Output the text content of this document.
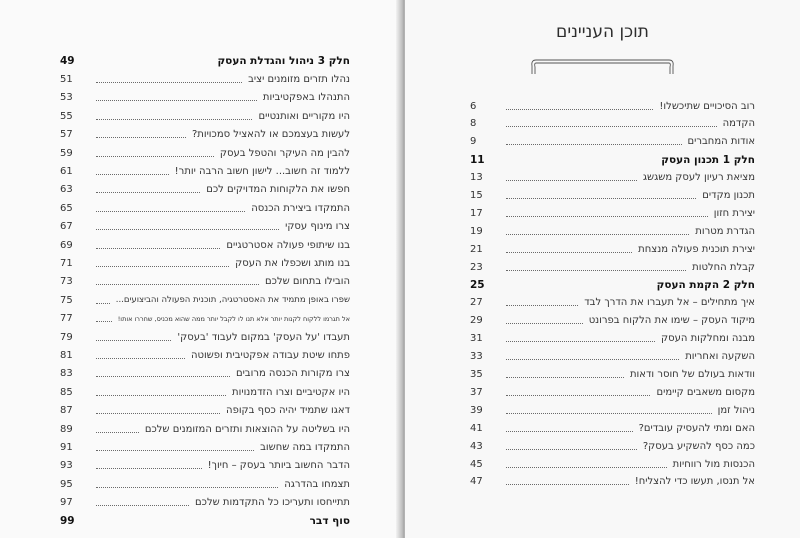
49	חלק 3 ניהול והגדלת העסק
51	נהלו תזרים מזומנים יציב
53	התנהלו באפקטיביות
55	היו מקוריים ואותנטיים
57	לעשות בעצמכם או להאציל סמכויות?
59	להבין מה העיקר והטפל בעסק
61	ללמוד זה חשוב... לישון חשוב הרבה יותר!
63	חפשו את הלקוחות המדויקים לכם
65	התמקדו ביצירת הכנסה
67	צרו מינוף עסקי
69	בנו שיתופי פעולה אסטרטגיים
71	בנו מותג ושכפלו את העסק
73	הובילו בתחום שלכם
75	שפרו באופן מתמיד את האסטרטגיה, תוכנית הפעולה והביצועים...
77	אל תגרמו ללקוח לקנות יותר אלא תנו לו לקבל יותר ממה שהוא מכניס, שחררו אותו!
79	תעבדו 'על העסק' במקום לעבוד 'בעסק'
81	פתחו שיטת עבודה אפקטיבית ופשוטה
83	צרו מקורות הכנסה מרובים
85	היו אקטיביים וצרו הזדמנויות
87	דאגו שתמיד יהיה כסף בקופה
89	היו בשליטה על ההוצאות ותזרים המזומנים שלכם
91	התמקדו במה שחשוב
93	הדבר החשוב ביותר בעסק – חיוך!
95	תצמחו בהדרגה
97	תתייחסו ותעריכו כל התקדמות שלכם
99	סוף דבר
תוכן העניינים
6	רוב הסיכויים שתיכשלו!
8	הקדמה
9	אודות המחברים
11	חלק 1 תכנון העסק
13	מציאת רעיון לעסק משגשג
15	תכנון מקדים
17	יצירת חזון
19	הגדרת מטרות
21	יצירת תוכנית פעולה מנצחת
23	קבלת החלטות
25	חלק 2 הקמת העסק
27	איך מתחילים – אל תעברו את הדרך לבד
29	מיקוד העסק – שימו את הלקוח בפרונט
31	מבנה ומחלקות העסק
33	השקעה ואחריות
35	וודאות בעולם של חוסר ודאות
37	מקסום משאבים קיימים
39	ניהול זמן
41	האם ומתי להעסיק עובדים?
43	כמה כסף להשקיע בעסק?
45	הכנסות מול רווחיות
47	אל תנסו, תעשו כדי להצליח!
